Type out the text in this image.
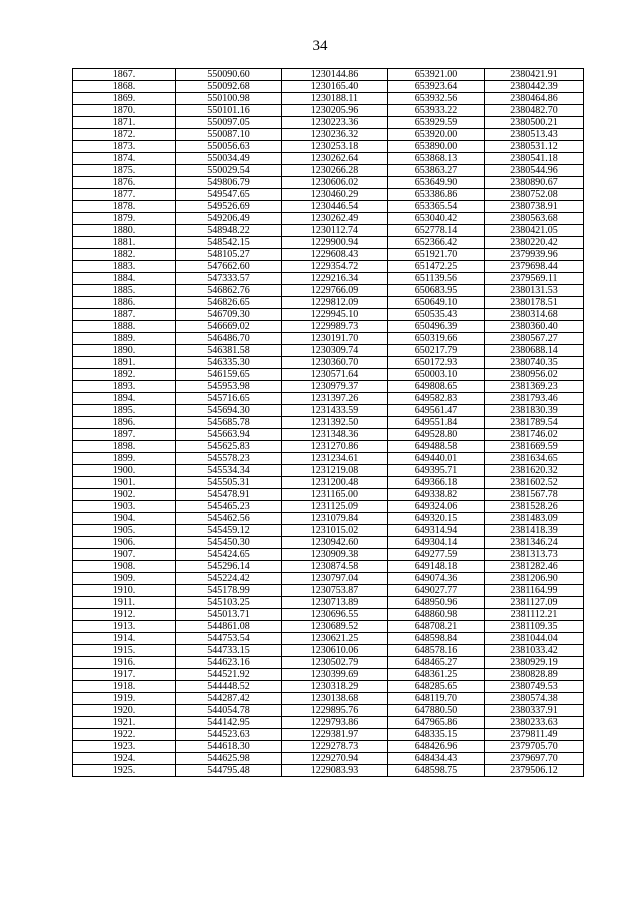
34
1867.	550090.60	1230144.86	653921.00	2380421.91
1868.	550092.68	1230165.40	653923.64	2380442.39
1869.	550100.98	1230188.11	653932.56	2380464.86
1870.	550101.16	1230205.96	653933.22	2380482.70
1871.	550097.05	1230223.36	653929.59	2380500.21
1872.	550087.10	1230236.32	653920.00	2380513.43
1873.	550056.63	1230253.18	653890.00	2380531.12
1874.	550034.49	1230262.64	653868.13	2380541.18
1875.	550029.54	1230266.28	653863.27	2380544.96
1876.	549806.79	1230606.02	653649.90	2380890.67
1877.	549547.65	1230460.29	653386.86	2380752.08
1878.	549526.69	1230446.54	653365.54	2380738.91
1879.	549206.49	1230262.49	653040.42	2380563.68
1880.	548948.22	1230112.74	652778.14	2380421.05
1881.	548542.15	1229900.94	652366.42	2380220.42
1882.	548105.27	1229608.43	651921.70	2379939.96
1883.	547662.60	1229354.72	651472.25	2379698.44
1884.	547333.57	1229216.34	651139.56	2379569.11
1885.	546862.76	1229766.09	650683.95	2380131.53
1886.	546826.65	1229812.09	650649.10	2380178.51
1887.	546709.30	1229945.10	650535.43	2380314.68
1888.	546669.02	1229989.73	650496.39	2380360.40
1889.	546486.70	1230191.70	650319.66	2380567.27
1890.	546381.58	1230309.74	650217.79	2380688.14
1891.	546335.30	1230360.70	650172.93	2380740.35
1892.	546159.65	1230571.64	650003.10	2380956.02
1893.	545953.98	1230979.37	649808.65	2381369.23
1894.	545716.65	1231397.26	649582.83	2381793.46
1895.	545694.30	1231433.59	649561.47	2381830.39
1896.	545685.78	1231392.50	649551.84	2381789.54
1897.	545663.94	1231348.36	649528.80	2381746.02
1898.	545625.83	1231270.86	649488.58	2381669.59
1899.	545578.23	1231234.61	649440.01	2381634.65
1900.	545534.34	1231219.08	649395.71	2381620.32
1901.	545505.31	1231200.48	649366.18	2381602.52
1902.	545478.91	1231165.00	649338.82	2381567.78
1903.	545465.23	1231125.09	649324.06	2381528.26
1904.	545462.56	1231079.84	649320.15	2381483.09
1905.	545459.12	1231015.02	649314.94	2381418.39
1906.	545450.30	1230942.60	649304.14	2381346.24
1907.	545424.65	1230909.38	649277.59	2381313.73
1908.	545296.14	1230874.58	649148.18	2381282.46
1909.	545224.42	1230797.04	649074.36	2381206.90
1910.	545178.99	1230753.87	649027.77	2381164.99
1911.	545103.25	1230713.89	648950.96	2381127.09
1912.	545013.71	1230696.55	648860.98	2381112.21
1913.	544861.08	1230689.52	648708.21	2381109.35
1914.	544753.54	1230621.25	648598.84	2381044.04
1915.	544733.15	1230610.06	648578.16	2381033.42
1916.	544623.16	1230502.79	648465.27	2380929.19
1917.	544521.92	1230399.69	648361.25	2380828.89
1918.	544448.52	1230318.29	648285.65	2380749.53
1919.	544287.42	1230138.68	648119.70	2380574.38
1920.	544054.78	1229895.76	647880.50	2380337.91
1921.	544142.95	1229793.86	647965.86	2380233.63
1922.	544523.63	1229381.97	648335.15	2379811.49
1923.	544618.30	1229278.73	648426.96	2379705.70
1924.	544625.98	1229270.94	648434.43	2379697.70
1925.	544795.48	1229083.93	648598.75	2379506.12
